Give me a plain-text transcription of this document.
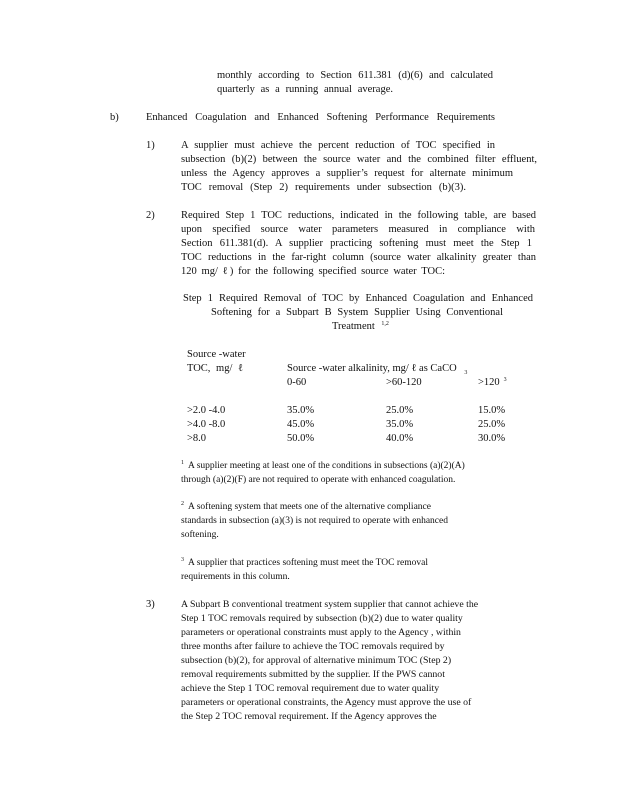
monthly according to Section 611.381 (d)(6) and calculated

quarterly as a running annual average.

b)	Enhanced Coagulation and Enhanced Softening Performance Requirements

1)	A supplier must achieve the percent reduction of TOC specified in

subsection (b)(2) between the source water and the combined filter effluent,

unless the Agency approves a supplier’s request for alternate minimum

TOC removal (Step 2) requirements under subsection (b)(3).

2)	Required Step 1 TOC reductions, indicated in the following table, are based

upon specified source water parameters measured in compliance with

Section 611.381(d). A supplier practicing softening must meet the Step 1

TOC reductions in the far-right column (source water alkalinity greater than

120 mg/ ℓ) for the following specified source water TOC:

Step 1 Required Removal of TOC by Enhanced Coagulation and Enhanced

Softening for a Subpart B System Supplier Using Conventional

Treatment $^{1,2}$
Source -water
TOC, mg/ ℓ	Source -water alkalinity, mg/ ℓ as CaCO $^3$
0-60	>60-120	>120 $^3$
>2.0 -4.0	35.0%	25.0%	15.0%
>4.0 -8.0	45.0%	35.0%	25.0%
>8.0	50.0%	40.0%	30.0%

$^1$ A supplier meeting at least one of the conditions in subsections (a)(2)(A)

through (a)(2)(F) are not required to operate with enhanced coagulation.

$^2$ A softening system that meets one of the alternative compliance

standards in subsection (a)(3) is not required to operate with enhanced

softening.

$^3$ A supplier that practices softening must meet the TOC removal

requirements in this column.

3)	A Subpart B conventional treatment system supplier that cannot achieve the

Step 1 TOC removals required by subsection (b)(2) due to water quality

parameters or operational constraints must apply to the Agency , within

three months after failure to achieve the TOC removals required by

subsection (b)(2), for approval of alternative minimum TOC (Step 2)

removal requirements submitted by the supplier. If the PWS cannot

achieve the Step 1 TOC removal requirement due to water quality

parameters or operational constraints, the Agency must approve the use of

the Step 2 TOC removal requirement. If the Agency approves the
